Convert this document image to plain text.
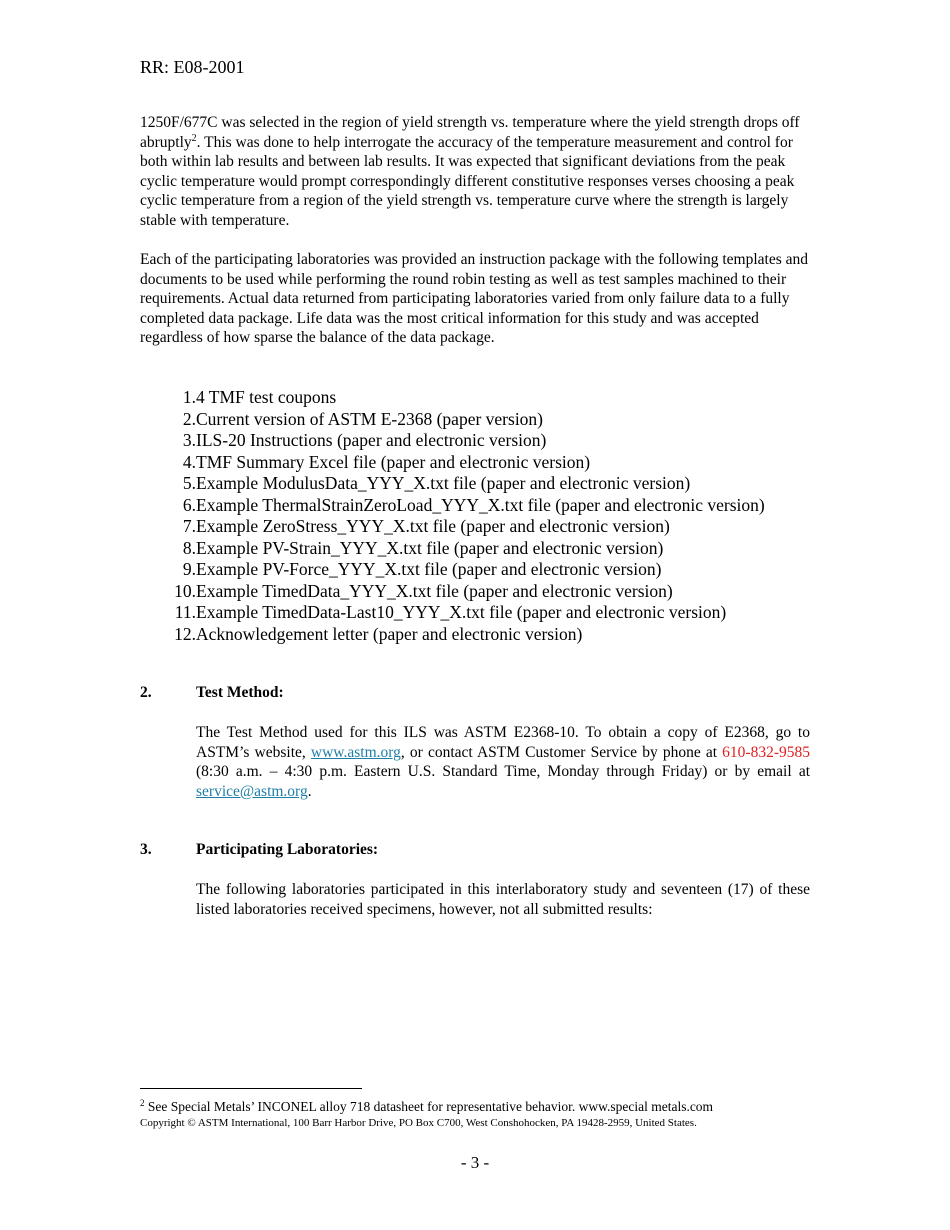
RR: E08-2001

1250F/677C was selected in the region of yield strength vs. temperature where the yield strength drops off abruptly$^2$. This was done to help interrogate the accuracy of the temperature measurement and control for both within lab results and between lab results. It was expected that significant deviations from the peak cyclic temperature would prompt correspondingly different constitutive responses verses choosing a peak cyclic temperature from a region of the yield strength vs. temperature curve where the strength is largely stable with temperature.

Each of the participating laboratories was provided an instruction package with the following templates and documents to be used while performing the round robin testing as well as test samples machined to their requirements. Actual data returned from participating laboratories varied from only failure data to a fully completed data package. Life data was the most critical information for this study and was accepted regardless of how sparse the balance of the data package.

1. 4 TMF test coupons
2. Current version of ASTM E-2368 (paper version)
3. ILS-20 Instructions (paper and electronic version)
4. TMF Summary Excel file (paper and electronic version)
5. Example ModulusData_YYY_X.txt file (paper and electronic version)
6. Example ThermalStrainZeroLoad_YYY_X.txt file (paper and electronic version)
7. Example ZeroStress_YYY_X.txt file (paper and electronic version)
8. Example PV-Strain_YYY_X.txt file (paper and electronic version)
9. Example PV-Force_YYY_X.txt file (paper and electronic version)
10. Example TimedData_YYY_X.txt file (paper and electronic version)
11. Example TimedData-Last10_YYY_X.txt file (paper and electronic version)
12. Acknowledgement letter (paper and electronic version)
2.	Test Method:

The Test Method used for this ILS was ASTM E2368-10. To obtain a copy of E2368, go to ASTM’s website, www.astm.org, or contact ASTM Customer Service by phone at 610-832-9585 (8:30 a.m. – 4:30 p.m. Eastern U.S. Standard Time, Monday through Friday) or by email at service@astm.org.

3.	Participating Laboratories:

The following laboratories participated in this interlaboratory study and seventeen (17) of these listed laboratories received specimens, however, not all submitted results:

$^2$ See Special Metals’ INCONEL alloy 718 datasheet for representative behavior. www.special metals.com
Copyright © ASTM International, 100 Barr Harbor Drive, PO Box C700, West Conshohocken, PA 19428-2959, United States.
- 3 -
